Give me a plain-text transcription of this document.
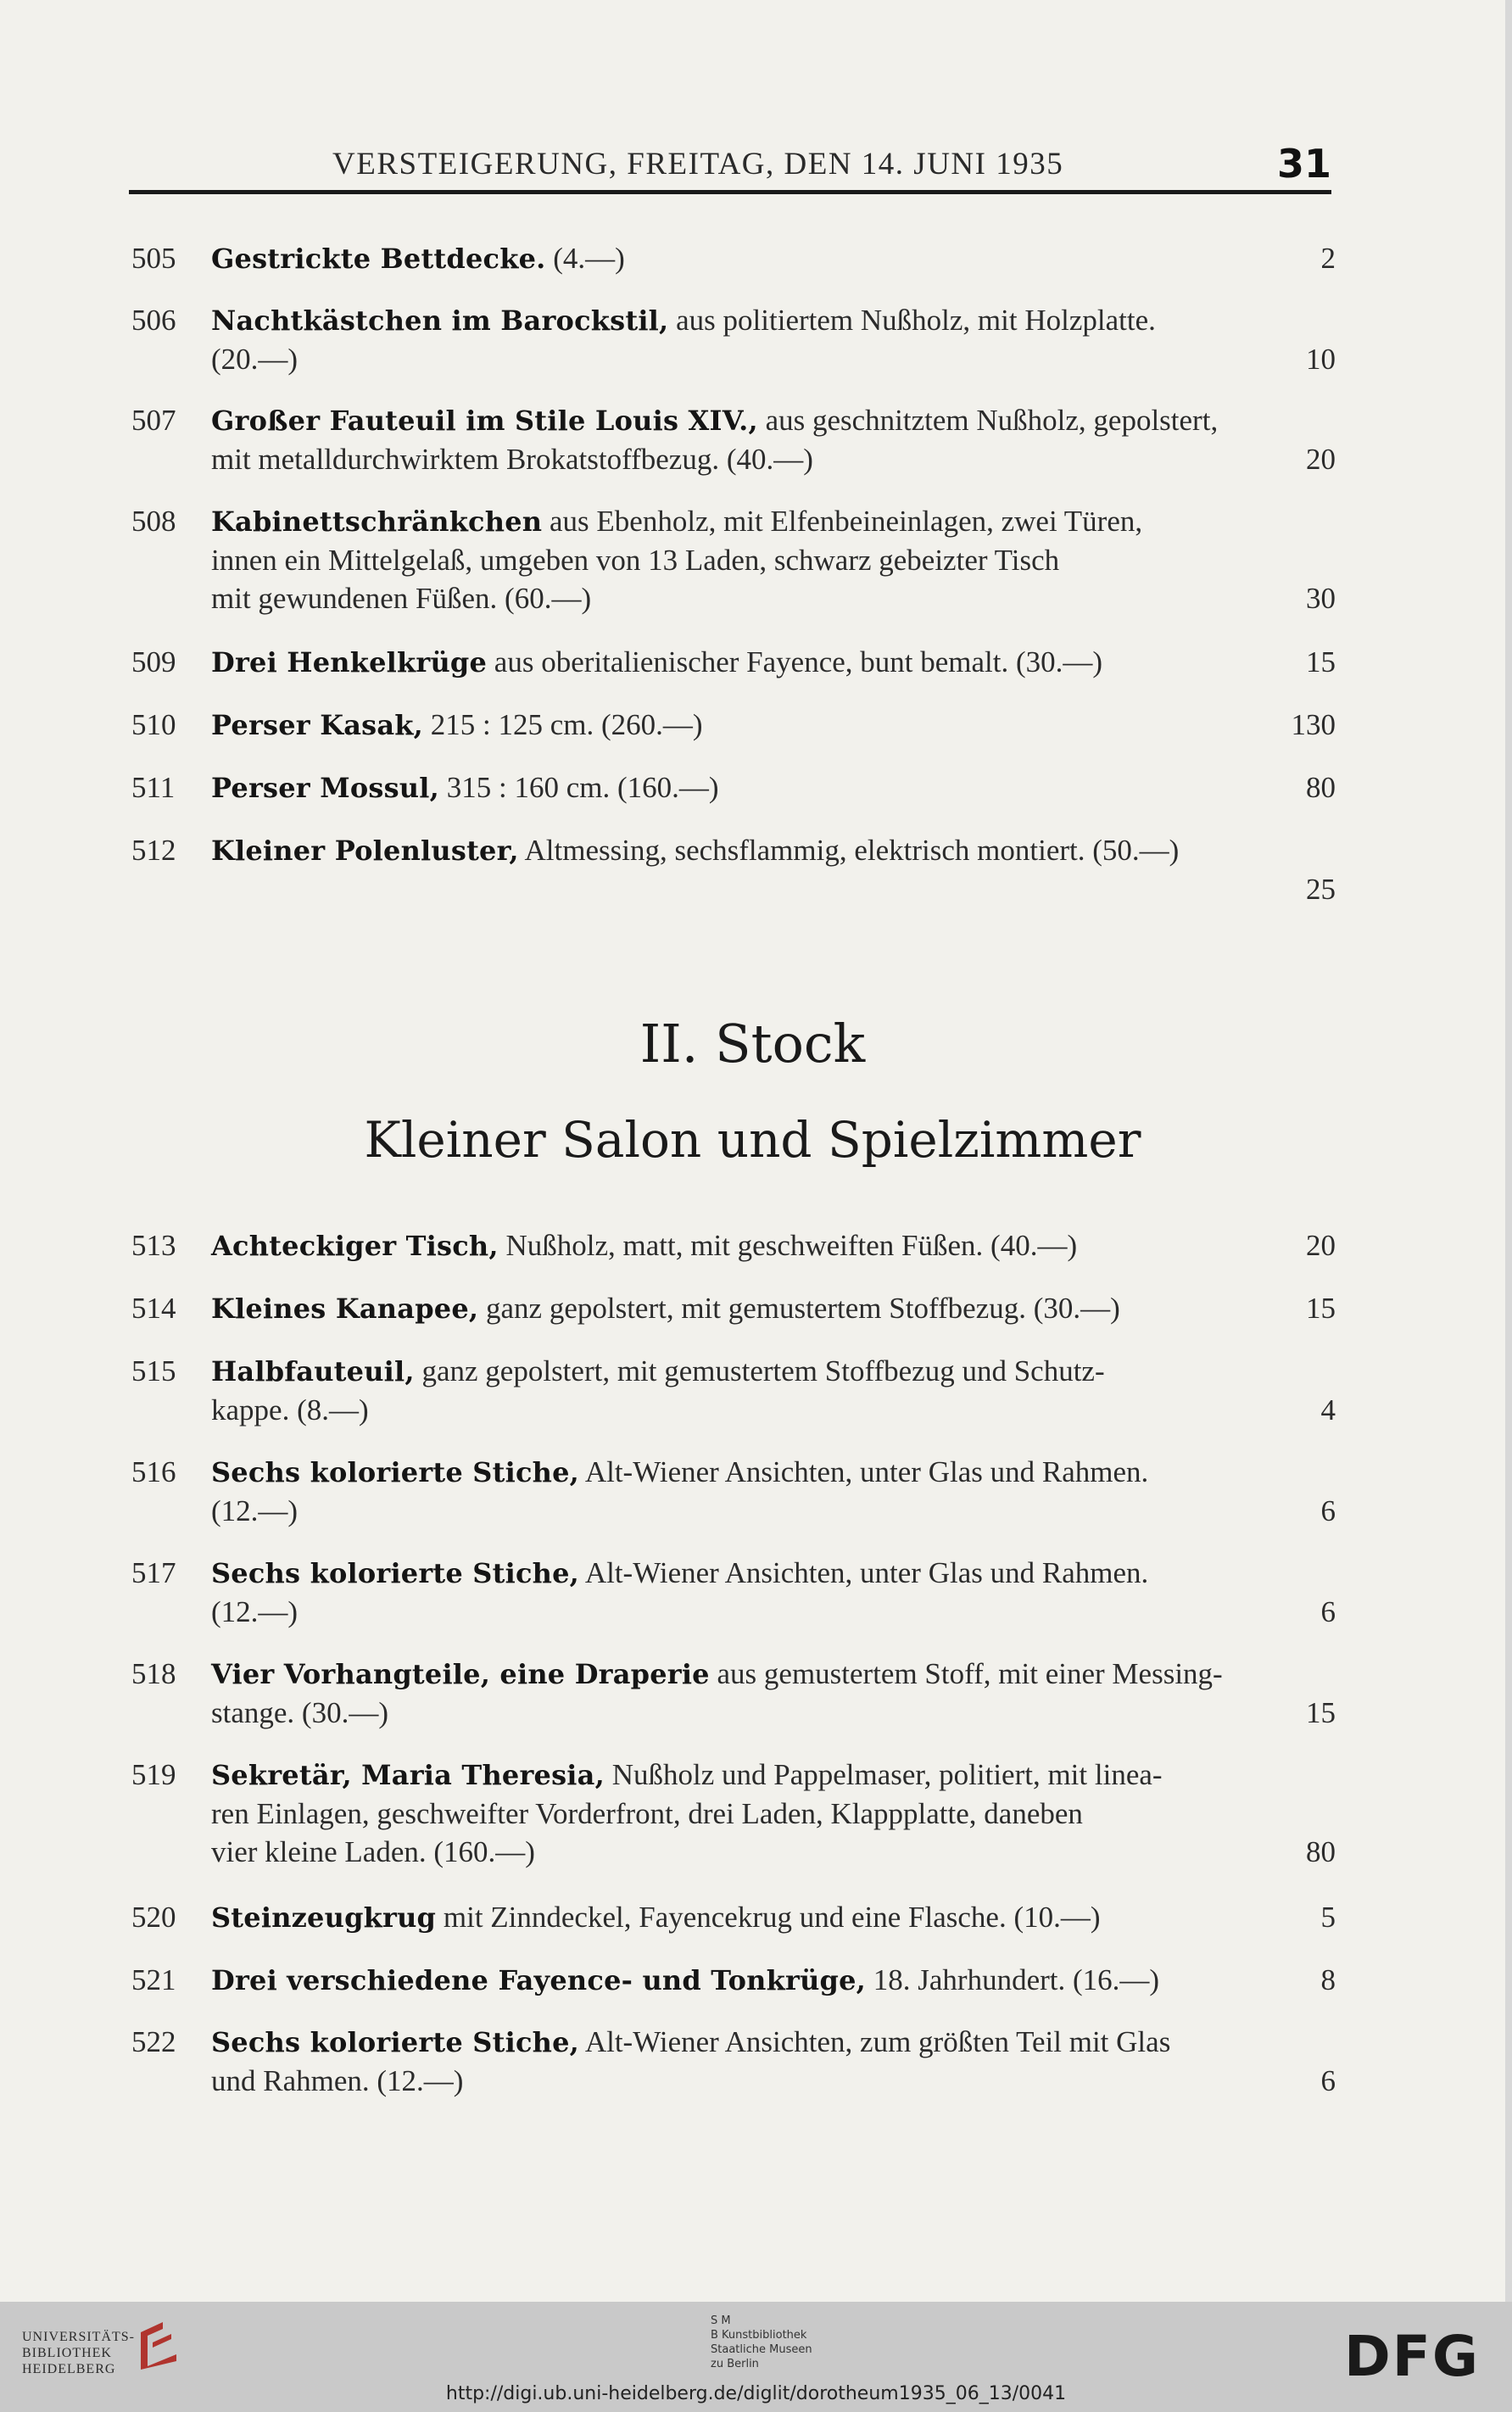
VERSTEIGERUNG, FREITAG, DEN 14. JUNI 1935	31
505	Gestrickte Bettdecke. (4.—)	2
506	Nachtkästchen im Barockstil, aus politiertem Nußholz, mit Holzplatte.
(20.—)	10
507	Großer Fauteuil im Stile Louis XIV., aus geschnitztem Nußholz, gepolstert,
mit metalldurchwirktem Brokatstoffbezug. (40.—)	20
508	Kabinettschränkchen aus Ebenholz, mit Elfenbeineinlagen, zwei Türen,
innen ein Mittelgelaß, umgeben von 13 Laden, schwarz gebeizter Tisch
mit gewundenen Füßen. (60.—)	30
509	Drei Henkelkrüge aus oberitalienischer Fayence, bunt bemalt. (30.—)	15
510	Perser Kasak, 215 : 125 cm. (260.—)	130
511	Perser Mossul, 315 : 160 cm. (160.—)	80
512	Kleiner Polenluster, Altmessing, sechsflammig, elektrisch montiert. (50.—)
25
II. Stock
Kleiner Salon und Spielzimmer
513	Achteckiger Tisch, Nußholz, matt, mit geschweiften Füßen. (40.—)	20
514	Kleines Kanapee, ganz gepolstert, mit gemustertem Stoffbezug. (30.—)	15
515	Halbfauteuil, ganz gepolstert, mit gemustertem Stoffbezug und Schutz-
kappe. (8.—)	4
516	Sechs kolorierte Stiche, Alt-Wiener Ansichten, unter Glas und Rahmen.
(12.—)	6
517	Sechs kolorierte Stiche, Alt-Wiener Ansichten, unter Glas und Rahmen.
(12.—)	6
518	Vier Vorhangteile, eine Draperie aus gemustertem Stoff, mit einer Messing-
stange. (30.—)	15
519	Sekretär, Maria Theresia, Nußholz und Pappelmaser, politiert, mit linea-
ren Einlagen, geschweifter Vorderfront, drei Laden, Klappplatte, daneben
vier kleine Laden. (160.—)	80
520	Steinzeugkrug mit Zinndeckel, Fayencekrug und eine Flasche. (10.—)	5
521	Drei verschiedene Fayence- und Tonkrüge, 18. Jahrhundert. (16.—)	8
522	Sechs kolorierte Stiche, Alt-Wiener Ansichten, zum größten Teil mit Glas
und Rahmen. (12.—)	6
UNIVERSITÄTS-
BIBLIOTHEK
HEIDELBERG
S M
B Kunstbibliothek
Staatliche Museen
zu Berlin	DFG
http://digi.ub.uni-heidelberg.de/diglit/dorotheum1935_06_13/0041
